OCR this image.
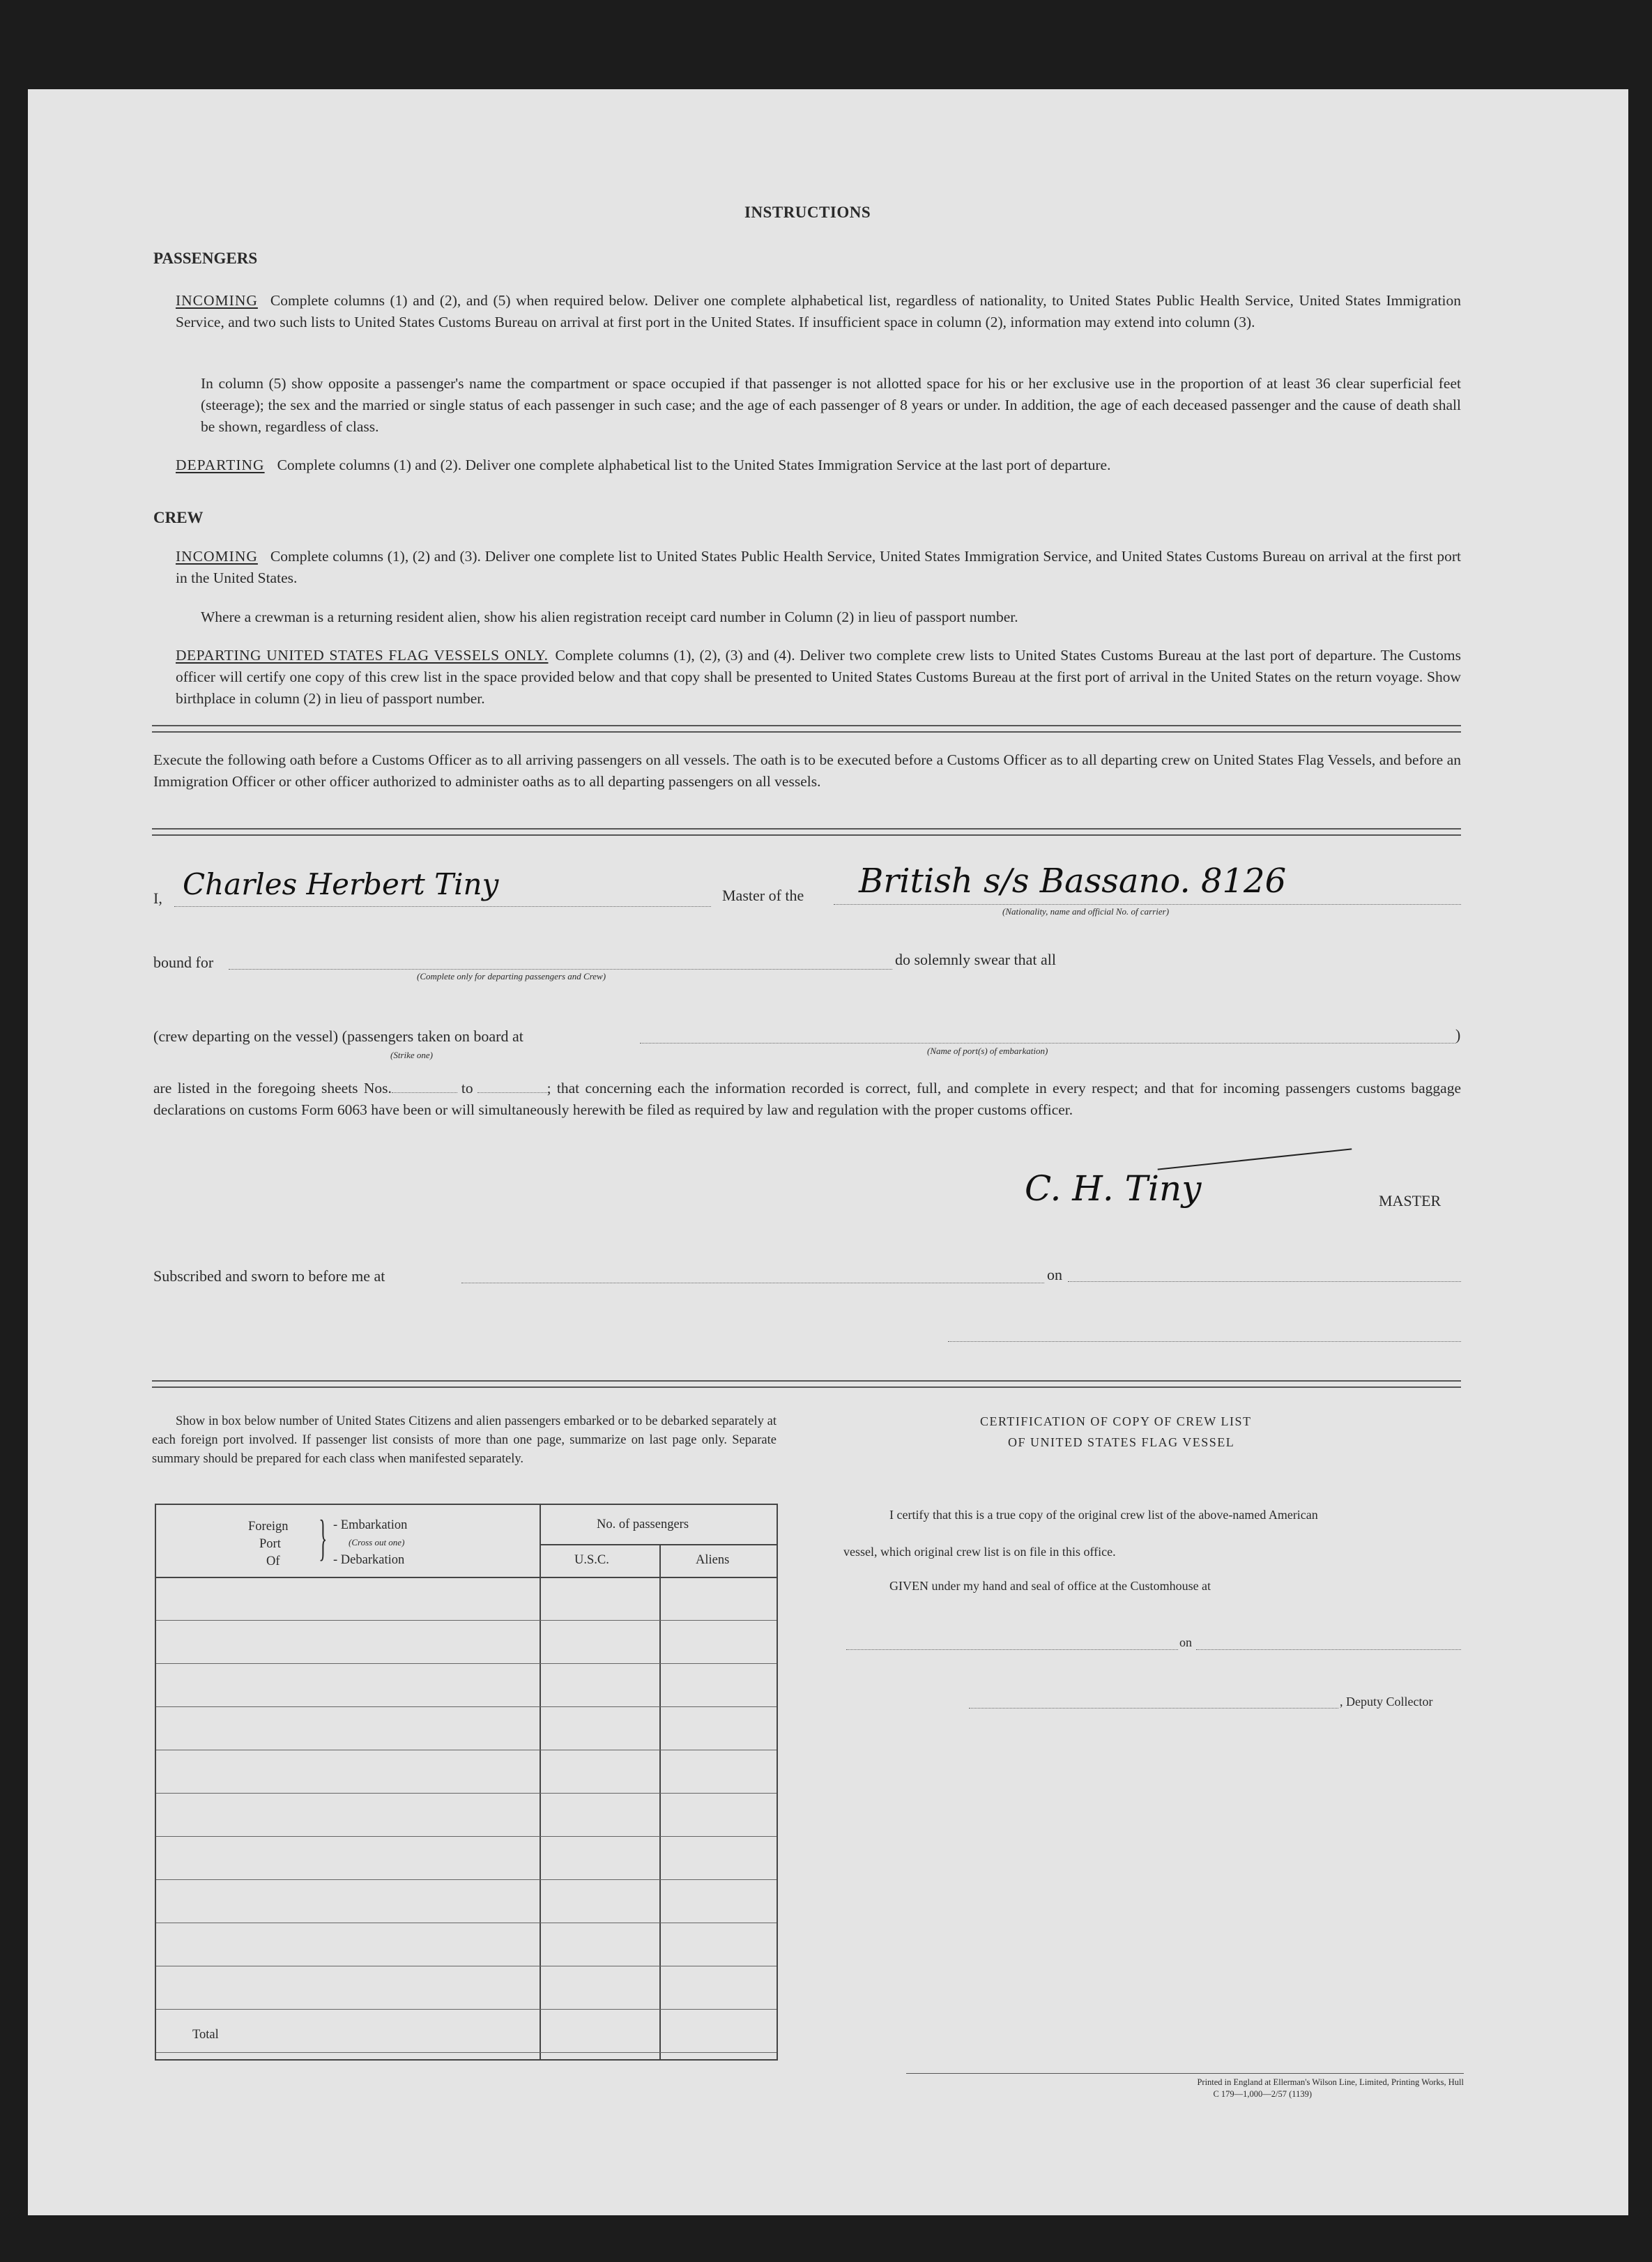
INSTRUCTIONS
PASSENGERS
INCOMING Complete columns (1) and (2), and (5) when required below. Deliver one complete alphabetical list, regardless of nationality, to United States Public Health Service, United States Immigration Service, and two such lists to United States Customs Bureau on arrival at first port in the United States. If insufficient space in column (2), information may extend into column (3).
In column (5) show opposite a passenger's name the compartment or space occupied if that passenger is not allotted space for his or her exclusive use in the proportion of at least 36 clear superficial feet (steerage); the sex and the married or single status of each passenger in such case; and the age of each passenger of 8 years or under. In addition, the age of each deceased passenger and the cause of death shall be shown, regardless of class.
DEPARTING Complete columns (1) and (2). Deliver one complete alphabetical list to the United States Immigration Service at the last port of departure.
CREW
INCOMING Complete columns (1), (2) and (3). Deliver one complete list to United States Public Health Service, United States Immigration Service, and United States Customs Bureau on arrival at the first port in the United States.
Where a crewman is a returning resident alien, show his alien registration receipt card number in Column (2) in lieu of passport number.
DEPARTING UNITED STATES FLAG VESSELS ONLY. Complete columns (1), (2), (3) and (4). Deliver two complete crew lists to United States Customs Bureau at the last port of departure. The Customs officer will certify one copy of this crew list in the space provided below and that copy shall be presented to United States Customs Bureau at the first port of arrival in the United States on the return voyage. Show birthplace in column (2) in lieu of passport number.
Execute the following oath before a Customs Officer as to all arriving passengers on all vessels. The oath is to be executed before a Customs Officer as to all departing crew on United States Flag Vessels, and before an Immigration Officer or other officer authorized to administer oaths as to all departing passengers on all vessels.
I, Charles Herbert Tiny	Master of the British s/s Bassano. 8126
(Nationality, name and official No. of carrier)
bound for
(Complete only for departing passengers and Crew)
do solemnly swear that all
(crew departing on the vessel) (passengers taken on board at
(Strike one)	(Name of port(s) of embarkation)
)
are listed in the foregoing sheets Nos.	to	; that concerning each the information recorded is correct, full, and complete in every respect; and that for incoming passengers customs baggage declarations on customs Form 6063 have been or will simultaneously herewith be filed as required by law and regulation with the proper customs officer.
C. H. Tiny	MASTER
Subscribed and sworn to before me at	on
Show in box below number of United States Citizens and alien passengers embarked or to be debarked separately at each foreign port involved. If passenger list consists of more than one page, summarize on last page only. Separate summary should be prepared for each class when manifested separately.
Foreign
Port
Of } - Embarkation
(Cross out one)
- Debarkation
No. of passengers
U.S.C.	Aliens
Total
CERTIFICATION OF COPY OF CREW LIST
OF UNITED STATES FLAG VESSEL
I certify that this is a true copy of the original crew list of the above-named American
vessel, which original crew list is on file in this office.
GIVEN under my hand and seal of office at the Customhouse at
on
, Deputy Collector
Printed in England at Ellerman's Wilson Line, Limited, Printing Works, Hull
C 179—1,000—2/57 (1139)
